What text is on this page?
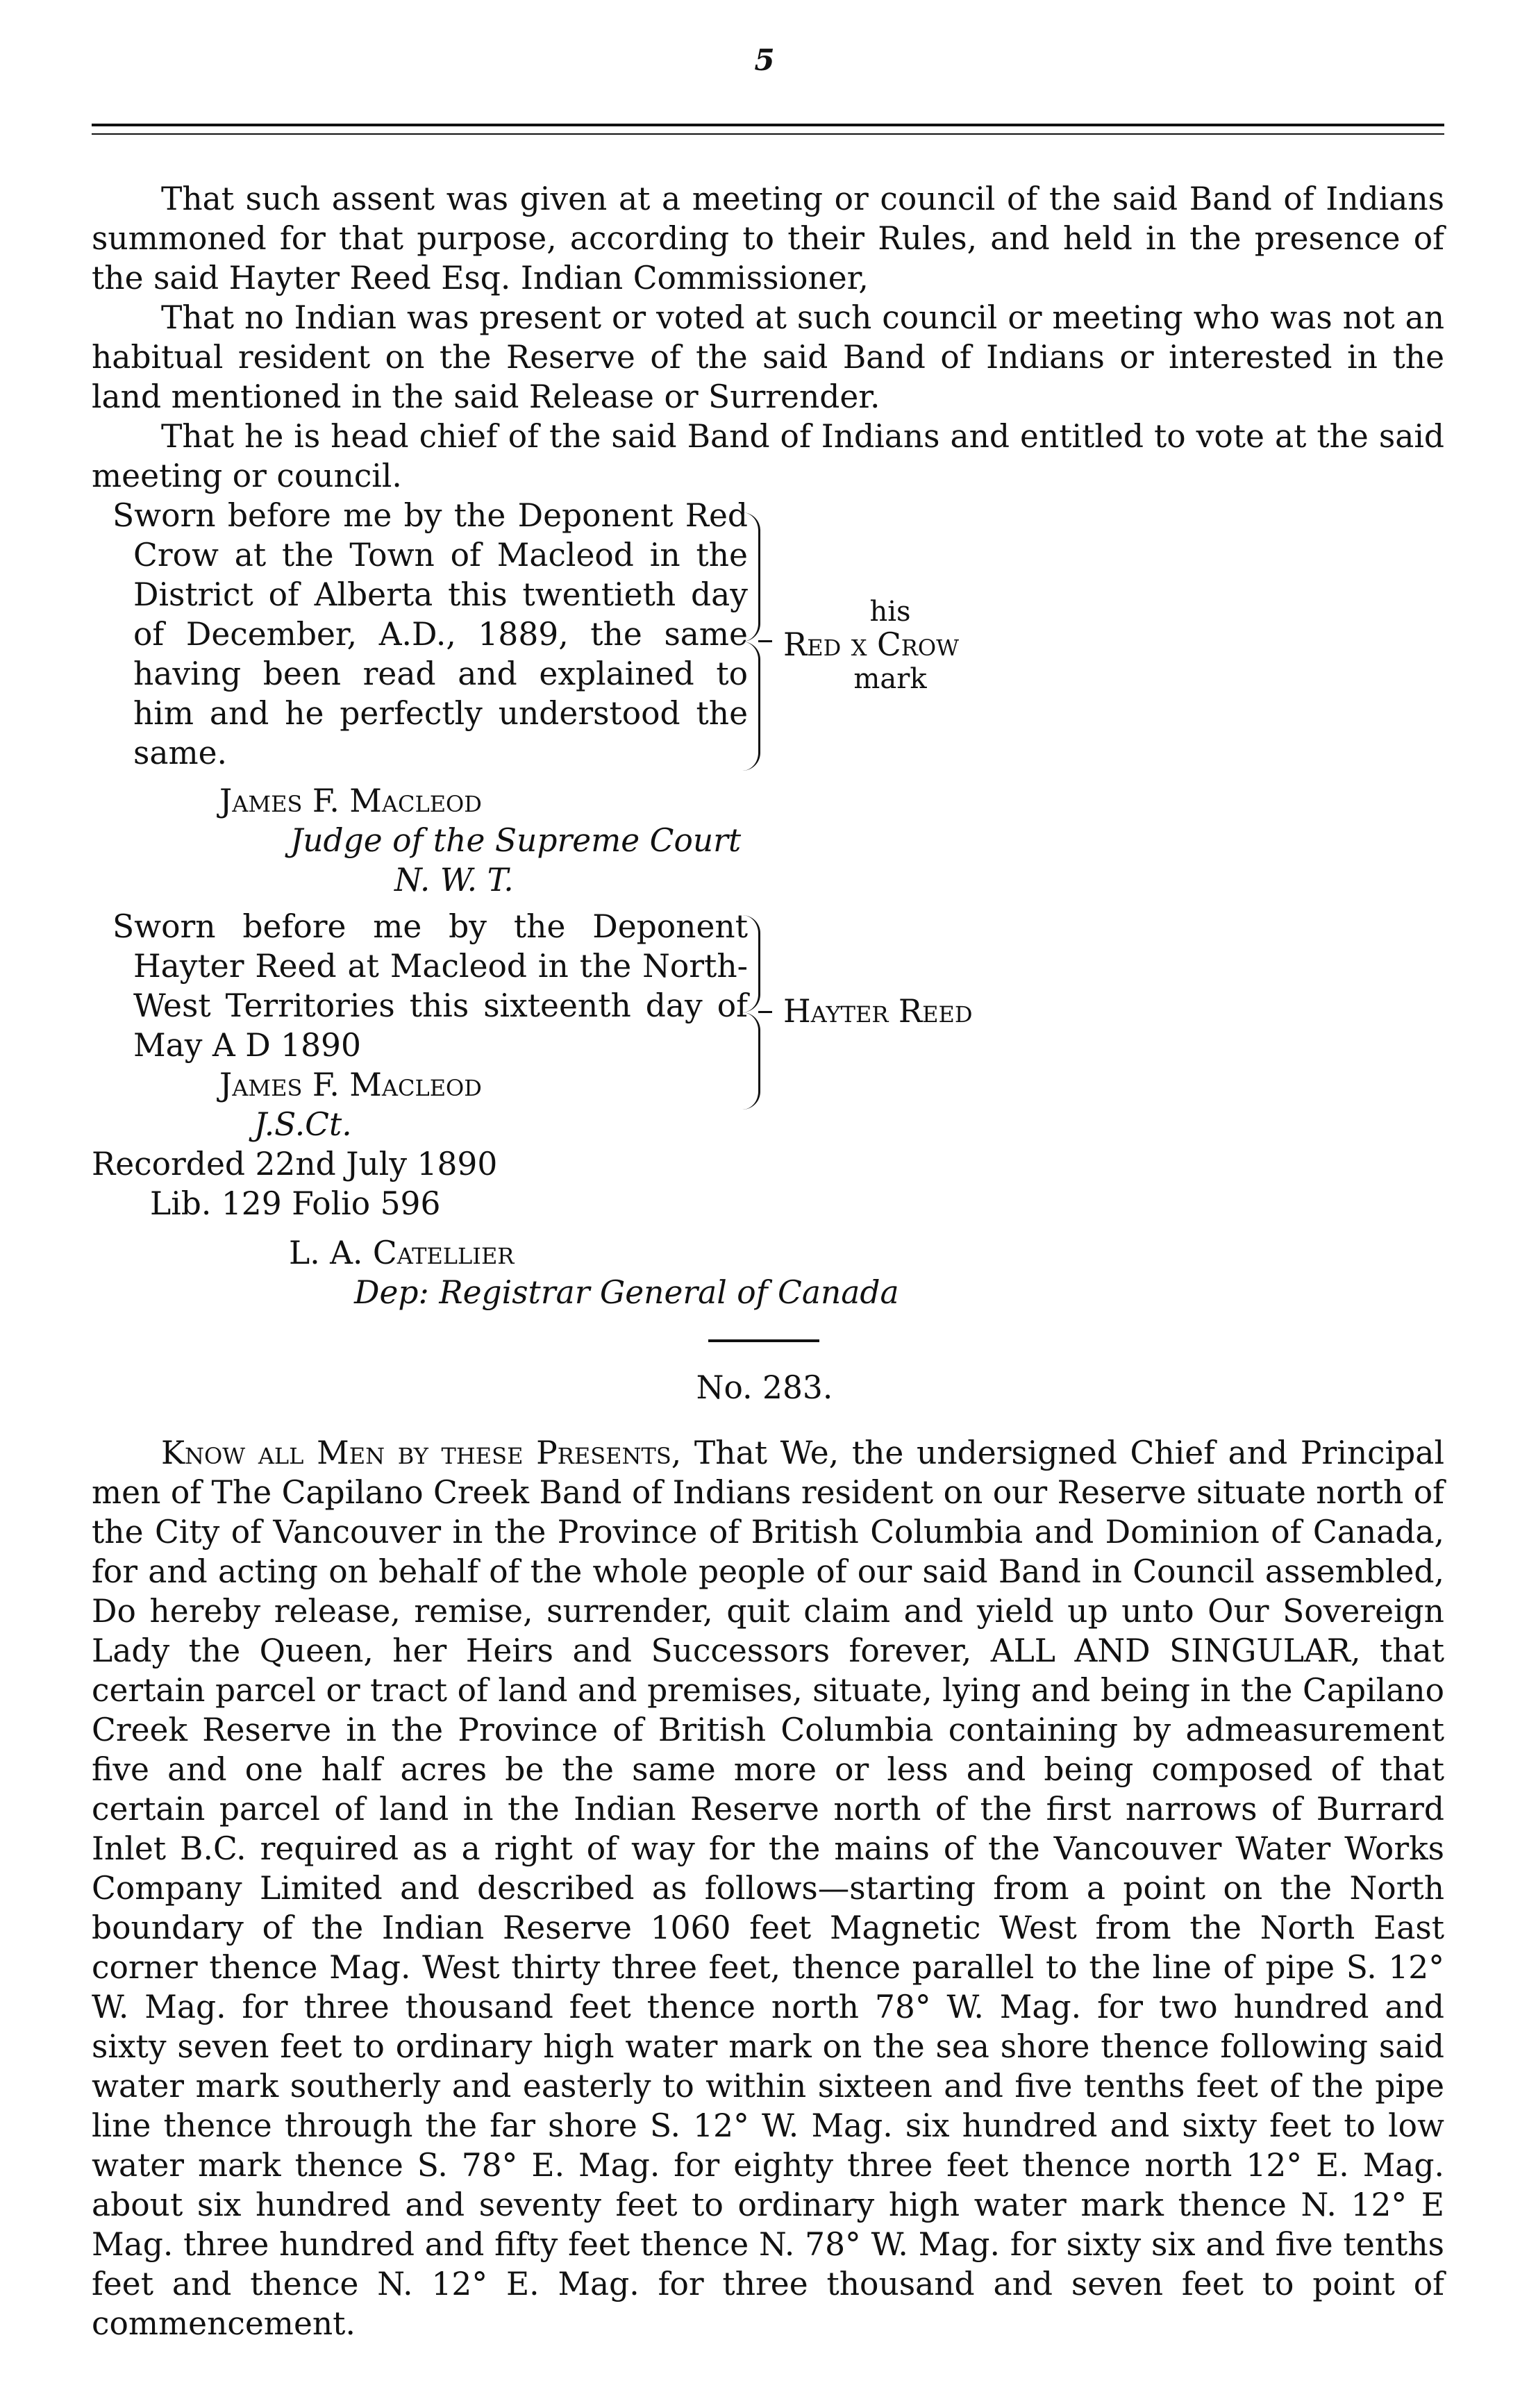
5

That such assent was given at a meeting or council of the said Band of Indians summoned for that purpose, according to their Rules, and held in the presence of the said Hayter Reed Esq. Indian Commissioner,

That no Indian was present or voted at such council or meeting who was not an habitual resident on the Reserve of the said Band of Indians or interested in the land mentioned in the said Release or Surrender.

That he is head chief of the said Band of Indians and entitled to vote at the said meeting or council.

Sworn before me by the Deponent Red Crow at the Town of Macleod in the District of Alberta this twentieth day of December, A.D., 1889, the same having been read and explained to him and he perfectly understood the same.

his
Red x Crow
mark
James F. Macleod
Judge of the Supreme Court
N. W. T.

Sworn before me by the Deponent Hayter Reed at Macleod in the North-West Territories this sixteenth day of May A D 1890

Hayter Reed
James F. Macleod
J.S.Ct.
Recorded 22nd July 1890
Lib. 129 Folio 596
L. A. Catellier
Dep: Registrar General of Canada
No. 283.

Know all Men by these Presents, That We, the undersigned Chief and Principal men of The Capilano Creek Band of Indians resident on our Reserve situate north of the City of Vancouver in the Province of British Columbia and Dominion of Canada, for and acting on behalf of the whole people of our said Band in Council assembled, Do hereby release, remise, surrender, quit claim and yield up unto Our Sovereign Lady the Queen, her Heirs and Successors forever, ALL AND SINGULAR, that certain parcel or tract of land and premises, situate, lying and being in the Capilano Creek Reserve in the Province of British Columbia containing by admeasurement five and one half acres be the same more or less and being composed of that certain parcel of land in the Indian Reserve north of the first narrows of Burrard Inlet B.C. required as a right of way for the mains of the Vancouver Water Works Company Limited and described as follows—starting from a point on the North boundary of the Indian Reserve 1060 feet Magnetic West from the North East corner thence Mag. West thirty three feet, thence parallel to the line of pipe S. 12° W. Mag. for three thousand feet thence north 78° W. Mag. for two hundred and sixty seven feet to ordinary high water mark on the sea shore thence following said water mark southerly and easterly to within sixteen and five tenths feet of the pipe line thence through the far shore S. 12° W. Mag. six hundred and sixty feet to low water mark thence S. 78° E. Mag. for eighty three feet thence north 12° E. Mag. about six hundred and seventy feet to ordinary high water mark thence N. 12° E Mag. three hundred and fifty feet thence N. 78° W. Mag. for sixty six and five tenths feet and thence N. 12° E. Mag. for three thousand and seven feet to point of commencement.
